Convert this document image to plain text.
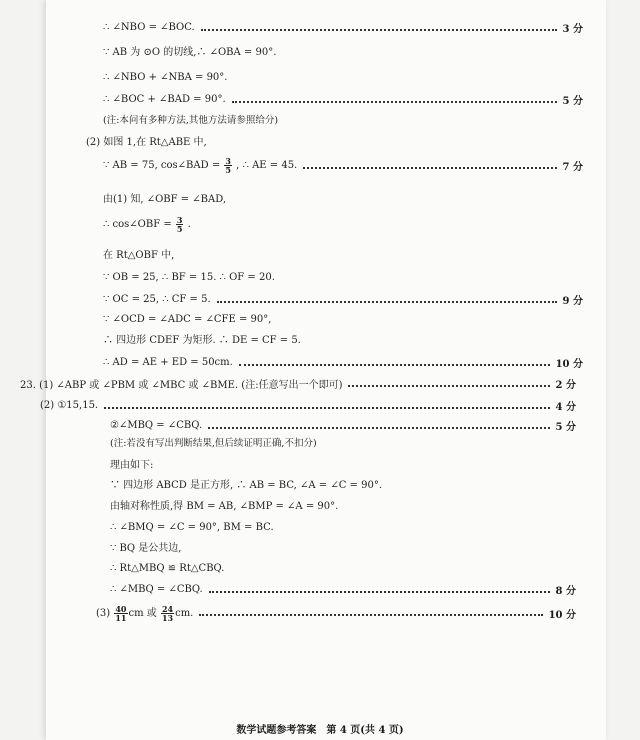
∴ ∠NBO = ∠BOC.	3 分
∵ AB 为 ⊙O 的切线,∴ ∠OBA = 90°.
∴ ∠NBO + ∠NBA = 90°.
∴ ∠BOC + ∠BAD = 90°.	5 分
(注:本问有多种方法,其他方法请参照给分)
(2) 如图 1,在 Rt△ABE 中,
∵ AB = 75, cos∠BAD = $\frac{3}{5}$ , ∴ AE = 45.	7 分
由(1) 知, ∠OBF = ∠BAD,
∴ cos∠OBF = $\frac{3}{5}$ .
在 Rt△OBF 中,
∵ OB = 25, ∴ BF = 15. ∴ OF = 20.
∵ OC = 25, ∴ CF = 5.	9 分
∵ ∠OCD = ∠ADC = ∠CFE = 90°,
∴ 四边形 CDEF 为矩形. ∴ DE = CF = 5.
∴ AD = AE + ED = 50cm.	10 分
23. (1) ∠ABP 或 ∠PBM 或 ∠MBC 或 ∠BME. (注:任意写出一个即可)	2 分
(2) ①15,15.	4 分
②∠MBQ = ∠CBQ.	5 分
(注:若没有写出判断结果,但后续证明正确,不扣分)
理由如下:
∵ 四边形 ABCD 是正方形, ∴ AB = BC, ∠A = ∠C = 90°.
由轴对称性质,得 BM = AB, ∠BMP = ∠A = 90°.
∴ ∠BMQ = ∠C = 90°, BM = BC.
∵ BQ 是公共边,
∴ Rt△MBQ ≌ Rt△CBQ.
∴ ∠MBQ = ∠CBQ.	8 分
$(3) \frac{40}{11}$ cm 或 $\frac{24}{13}$ cm.	10 分
数学试题参考答案　第 4 页(共 4 页)
